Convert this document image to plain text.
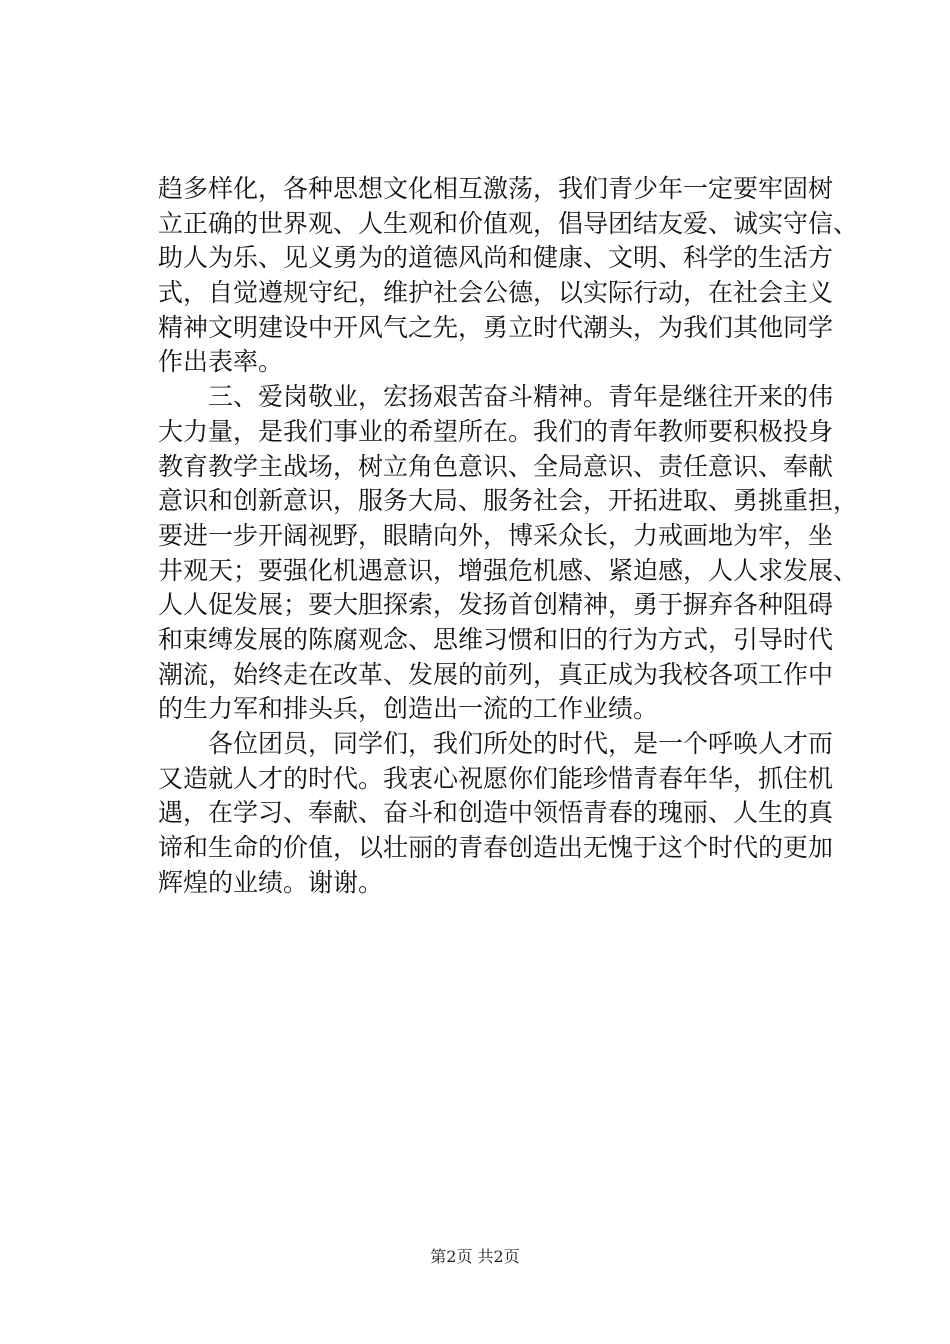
趋多样化，各种思想文化相互激荡，我们青少年一定要牢固树
立正确的世界观、人生观和价值观，倡导团结友爱、诚实守信、
助人为乐、见义勇为的道德风尚和健康、文明、科学的生活方
式，自觉遵规守纪，维护社会公德，以实际行动，在社会主义
精神文明建设中开风气之先，勇立时代潮头，为我们其他同学
作出表率。
　　三、爱岗敬业，宏扬艰苦奋斗精神。青年是继往开来的伟
大力量，是我们事业的希望所在。我们的青年教师要积极投身
教育教学主战场，树立角色意识、全局意识、责任意识、奉献
意识和创新意识，服务大局、服务社会，开拓进取、勇挑重担，
要进一步开阔视野，眼睛向外，博采众长，力戒画地为牢，坐
井观天；要强化机遇意识，增强危机感、紧迫感，人人求发展、
人人促发展；要大胆探索，发扬首创精神，勇于摒弃各种阻碍
和束缚发展的陈腐观念、思维习惯和旧的行为方式，引导时代
潮流，始终走在改革、发展的前列，真正成为我校各项工作中
的生力军和排头兵，创造出一流的工作业绩。
　　各位团员，同学们，我们所处的时代，是一个呼唤人才而
又造就人才的时代。我衷心祝愿你们能珍惜青春年华，抓住机
遇，在学习、奉献、奋斗和创造中领悟青春的瑰丽、人生的真
谛和生命的价值，以壮丽的青春创造出无愧于这个时代的更加
辉煌的业绩。谢谢。
第2页 共2页
